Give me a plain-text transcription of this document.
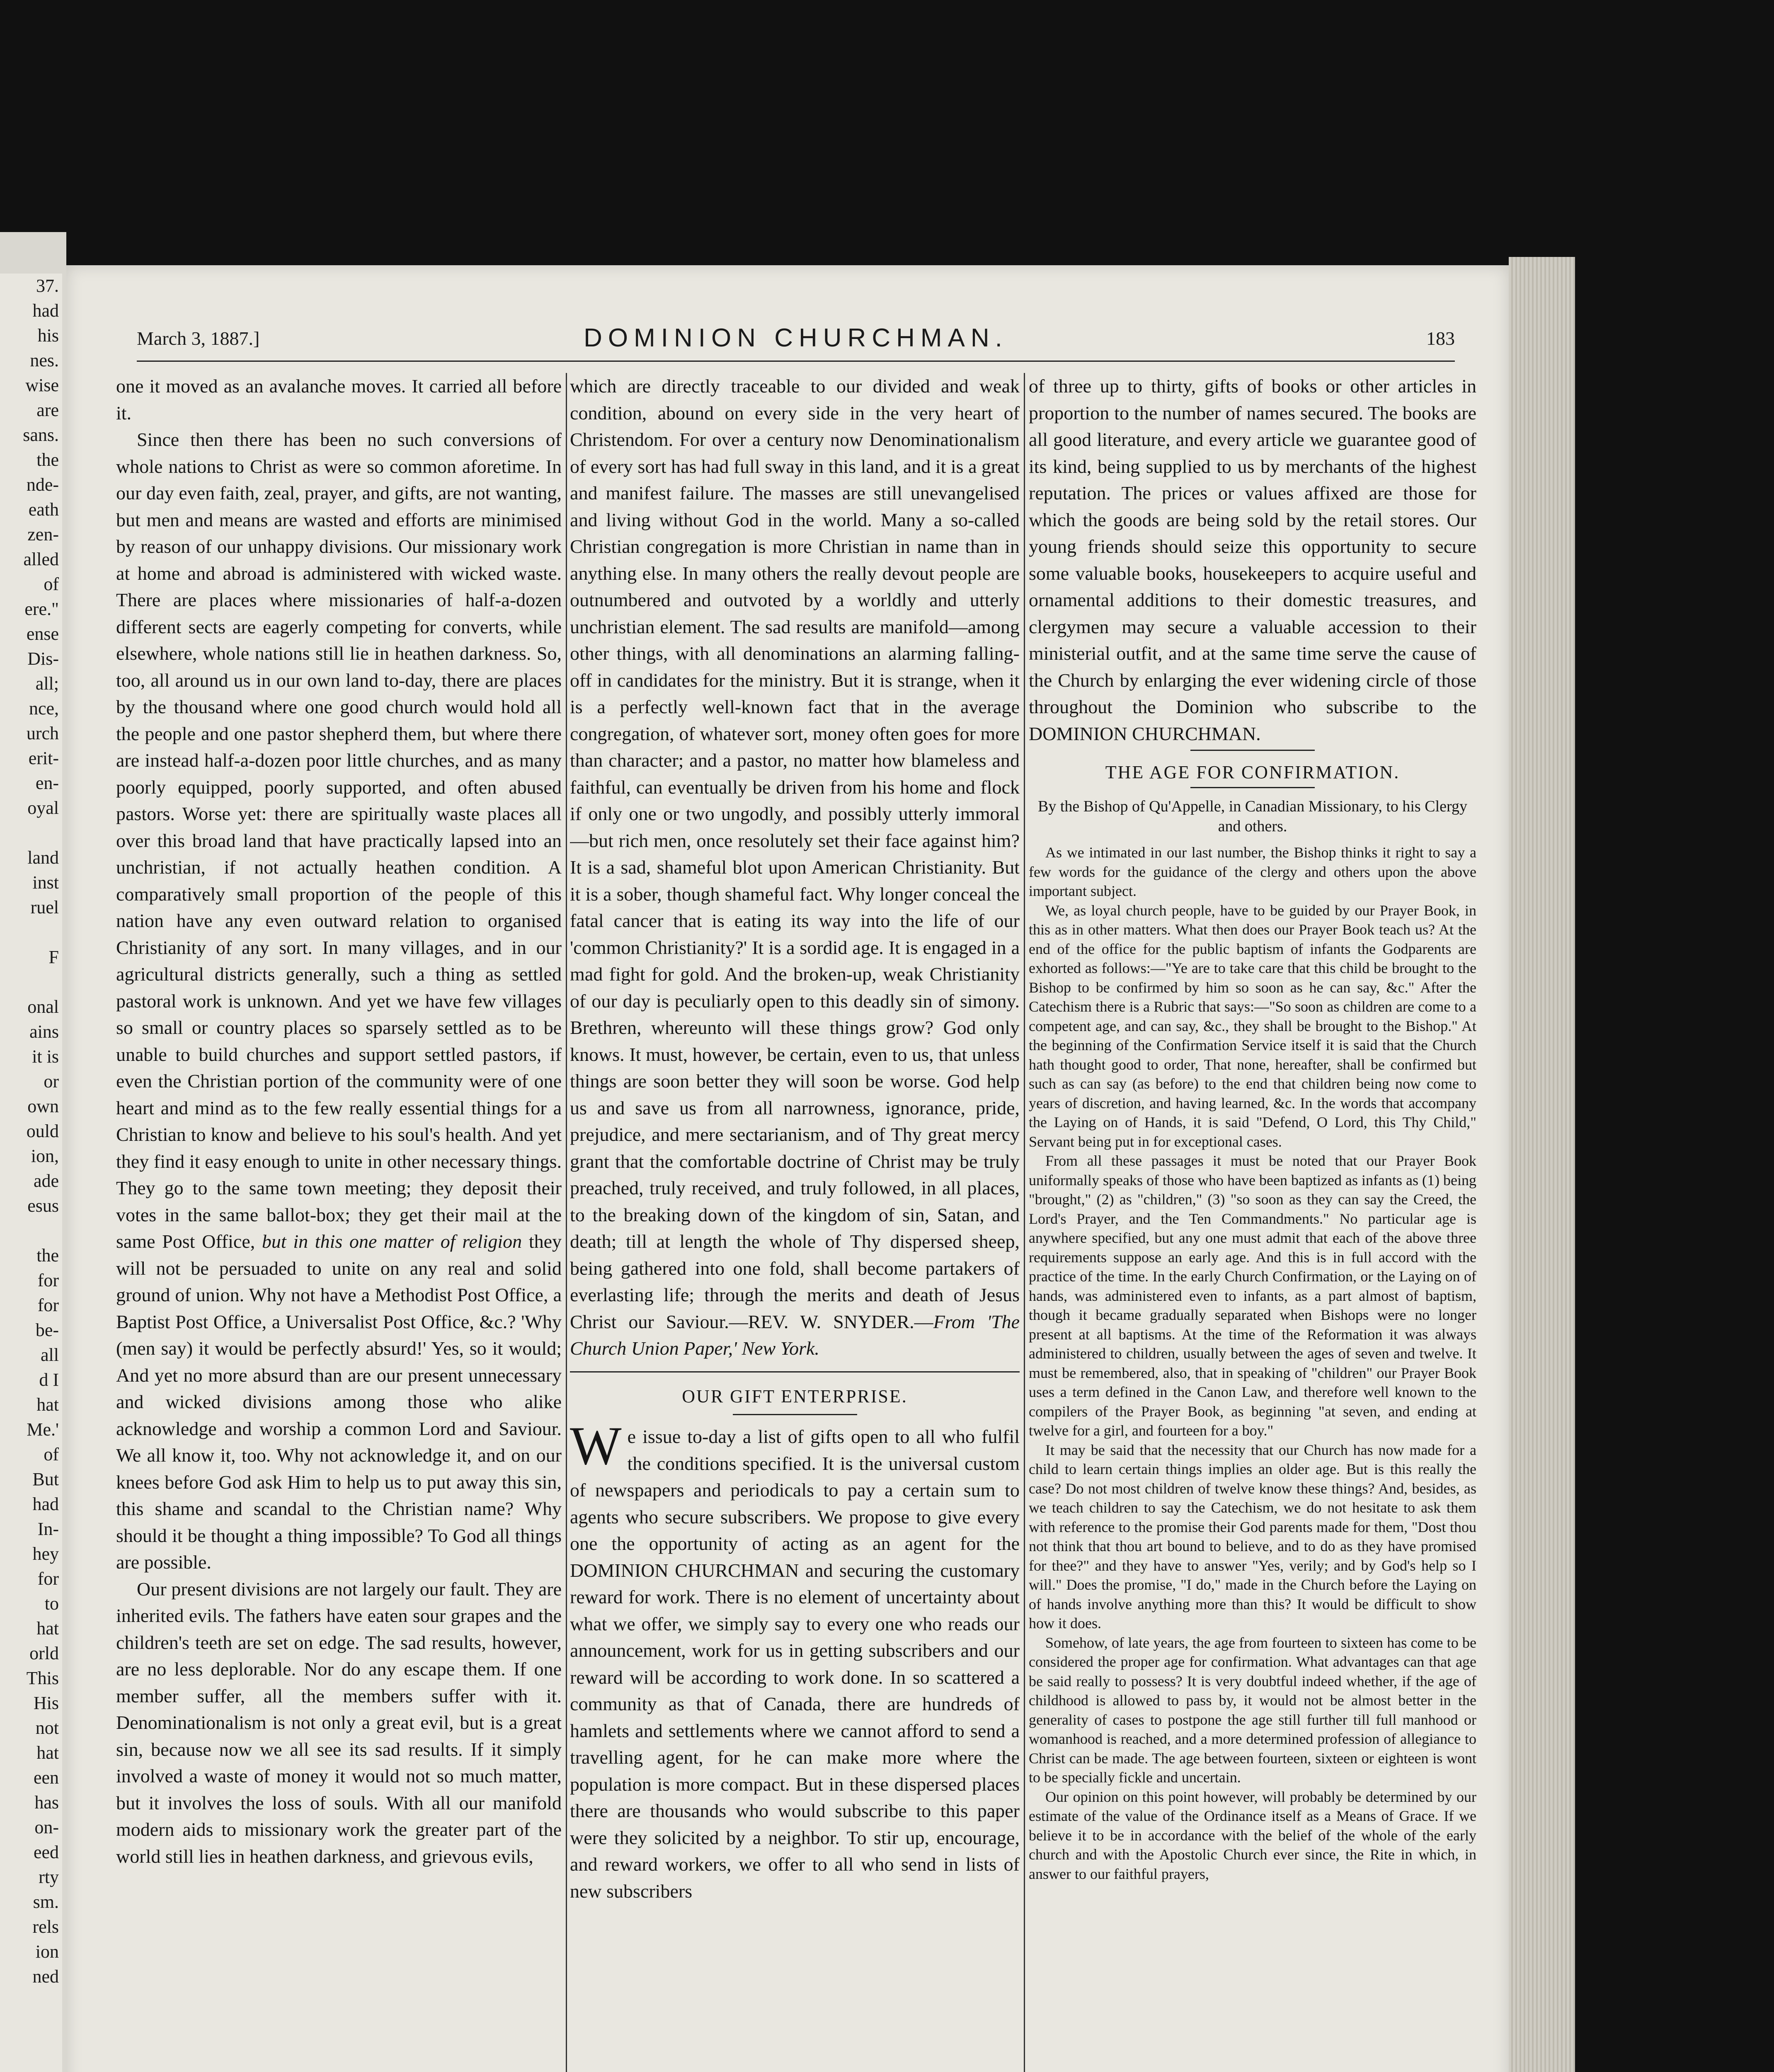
37.
had
his
nes.
wise
are
sans.
the
nde-
eath
zen-
alled
of
ere."
ense
Dis-
all;
nce,
urch
erit-
en-
oyal
land
inst
ruel
F
onal
ains
it is
or
own
ould
ion,
ade
esus
the
for
for
be-
all
d I
hat
Me.'
of
But
had
In-
hey
for
to
hat
orld
This
His
not
hat
een
has
on-
eed
rty
sm.
rels
ion
ned
March 3, 1887.]	DOMINION CHURCHMAN.	183

one it moved as an avalanche moves. It carried all before it.

Since then there has been no such conversions of whole nations to Christ as were so common aforetime. In our day even faith, zeal, prayer, and gifts, are not wanting, but men and means are wasted and efforts are minimised by reason of our unhappy divisions. Our missionary work at home and abroad is administered with wicked waste. There are places where missionaries of half-a-dozen different sects are eagerly competing for converts, while elsewhere, whole nations still lie in heathen darkness. So, too, all around us in our own land to-day, there are places by the thousand where one good church would hold all the people and one pastor shepherd them, but where there are instead half-a-dozen poor little churches, and as many poorly equipped, poorly supported, and often abused pastors. Worse yet: there are spiritually waste places all over this broad land that have practically lapsed into an unchristian, if not actually heathen condition. A comparatively small proportion of the people of this nation have any even outward relation to organised Christianity of any sort. In many villages, and in our agricultural districts generally, such a thing as settled pastoral work is unknown. And yet we have few villages so small or country places so sparsely settled as to be unable to build churches and support settled pastors, if even the Christian portion of the community were of one heart and mind as to the few really essential things for a Christian to know and believe to his soul's health. And yet they find it easy enough to unite in other necessary things. They go to the same town meeting; they deposit their votes in the same ballot-box; they get their mail at the same Post Office, but in this one matter of religion they will not be persuaded to unite on any real and solid ground of union. Why not have a Methodist Post Office, a Baptist Post Office, a Universalist Post Office, &c.? 'Why (men say) it would be perfectly absurd!' Yes, so it would; And yet no more absurd than are our present unnecessary and wicked divisions among those who alike acknowledge and worship a common Lord and Saviour. We all know it, too. Why not acknowledge it, and on our knees before God ask Him to help us to put away this sin, this shame and scandal to the Christian name? Why should it be thought a thing impossible? To God all things are possible.

Our present divisions are not largely our fault. They are inherited evils. The fathers have eaten sour grapes and the children's teeth are set on edge. The sad results, however, are no less deplorable. Nor do any escape them. If one member suffer, all the members suffer with it. Denominationalism is not only a great evil, but is a great sin, because now we all see its sad results. If it simply involved a waste of money it would not so much matter, but it involves the loss of souls. With all our manifold modern aids to missionary work the greater part of the world still lies in heathen darkness, and grievous evils,

which are directly traceable to our divided and weak condition, abound on every side in the very heart of Christendom. For over a century now Denominationalism of every sort has had full sway in this land, and it is a great and manifest failure. The masses are still unevangelised and living without God in the world. Many a so-called Christian congregation is more Christian in name than in anything else. In many others the really devout people are outnumbered and outvoted by a worldly and utterly unchristian element. The sad results are manifold—among other things, with all denominations an alarming falling-off in candidates for the ministry. But it is strange, when it is a perfectly well-known fact that in the average congregation, of whatever sort, money often goes for more than character; and a pastor, no matter how blameless and faithful, can eventually be driven from his home and flock if only one or two ungodly, and possibly utterly immoral—but rich men, once resolutely set their face against him? It is a sad, shameful blot upon American Christianity. But it is a sober, though shameful fact. Why longer conceal the fatal cancer that is eating its way into the life of our 'common Christianity?' It is a sordid age. It is engaged in a mad fight for gold. And the broken-up, weak Christianity of our day is peculiarly open to this deadly sin of simony. Brethren, whereunto will these things grow? God only knows. It must, however, be certain, even to us, that unless things are soon better they will soon be worse. God help us and save us from all narrowness, ignorance, pride, prejudice, and mere sectarianism, and of Thy great mercy grant that the comfortable doctrine of Christ may be truly preached, truly received, and truly followed, in all places, to the breaking down of the kingdom of sin, Satan, and death; till at length the whole of Thy dispersed sheep, being gathered into one fold, shall become partakers of everlasting life; through the merits and death of Jesus Christ our Saviour.—REV. W. SNYDER.—From 'The Church Union Paper,' New York.

OUR GIFT ENTERPRISE.

We issue to-day a list of gifts open to all who fulfil the conditions specified. It is the universal custom of newspapers and periodicals to pay a certain sum to agents who secure subscribers. We propose to give every one the opportunity of acting as an agent for the DOMINION CHURCHMAN and securing the customary reward for work. There is no element of uncertainty about what we offer, we simply say to every one who reads our announcement, work for us in getting subscribers and our reward will be according to work done. In so scattered a community as that of Canada, there are hundreds of hamlets and settlements where we cannot afford to send a travelling agent, for he can make more where the population is more compact. But in these dispersed places there are thousands who would subscribe to this paper were they solicited by a neighbor. To stir up, encourage, and reward workers, we offer to all who send in lists of new subscribers

of three up to thirty, gifts of books or other articles in proportion to the number of names secured. The books are all good literature, and every article we guarantee good of its kind, being supplied to us by merchants of the highest reputation. The prices or values affixed are those for which the goods are being sold by the retail stores. Our young friends should seize this opportunity to secure some valuable books, housekeepers to acquire useful and ornamental additions to their domestic treasures, and clergymen may secure a valuable accession to their ministerial outfit, and at the same time serve the cause of the Church by enlarging the ever widening circle of those throughout the Dominion who subscribe to the DOMINION CHURCHMAN.

THE AGE FOR CONFIRMATION.
By the Bishop of Qu'Appelle, in Canadian Missionary, to his Clergy and others.

As we intimated in our last number, the Bishop thinks it right to say a few words for the guidance of the clergy and others upon the above important subject.

We, as loyal church people, have to be guided by our Prayer Book, in this as in other matters. What then does our Prayer Book teach us? At the end of the office for the public baptism of infants the Godparents are exhorted as follows:—"Ye are to take care that this child be brought to the Bishop to be confirmed by him so soon as he can say, &c." After the Catechism there is a Rubric that says:—"So soon as children are come to a competent age, and can say, &c., they shall be brought to the Bishop." At the beginning of the Confirmation Service itself it is said that the Church hath thought good to order, That none, hereafter, shall be confirmed but such as can say (as before) to the end that children being now come to years of discretion, and having learned, &c. In the words that accompany the Laying on of Hands, it is said "Defend, O Lord, this Thy Child," Servant being put in for exceptional cases.

From all these passages it must be noted that our Prayer Book uniformally speaks of those who have been baptized as infants as (1) being "brought," (2) as "children," (3) "so soon as they can say the Creed, the Lord's Prayer, and the Ten Commandments." No particular age is anywhere specified, but any one must admit that each of the above three requirements suppose an early age. And this is in full accord with the practice of the time. In the early Church Confirmation, or the Laying on of hands, was administered even to infants, as a part almost of baptism, though it became gradually separated when Bishops were no longer present at all baptisms. At the time of the Reformation it was always administered to children, usually between the ages of seven and twelve. It must be remembered, also, that in speaking of "children" our Prayer Book uses a term defined in the Canon Law, and therefore well known to the compilers of the Prayer Book, as beginning "at seven, and ending at twelve for a girl, and fourteen for a boy."

It may be said that the necessity that our Church has now made for a child to learn certain things implies an older age. But is this really the case? Do not most children of twelve know these things? And, besides, as we teach children to say the Catechism, we do not hesitate to ask them with reference to the promise their God parents made for them, "Dost thou not think that thou art bound to believe, and to do as they have promised for thee?" and they have to answer "Yes, verily; and by God's help so I will." Does the promise, "I do," made in the Church before the Laying on of hands involve anything more than this? It would be difficult to show how it does.

Somehow, of late years, the age from fourteen to sixteen has come to be considered the proper age for confirmation. What advantages can that age be said really to possess? It is very doubtful indeed whether, if the age of childhood is allowed to pass by, it would not be almost better in the generality of cases to postpone the age still further till full manhood or womanhood is reached, and a more determined profession of allegiance to Christ can be made. The age between fourteen, sixteen or eighteen is wont to be specially fickle and uncertain.

Our opinion on this point however, will probably be determined by our estimate of the value of the Ordinance itself as a Means of Grace. If we believe it to be in accordance with the belief of the whole of the early church and with the Apostolic Church ever since, the Rite in which, in answer to our faithful prayers,
